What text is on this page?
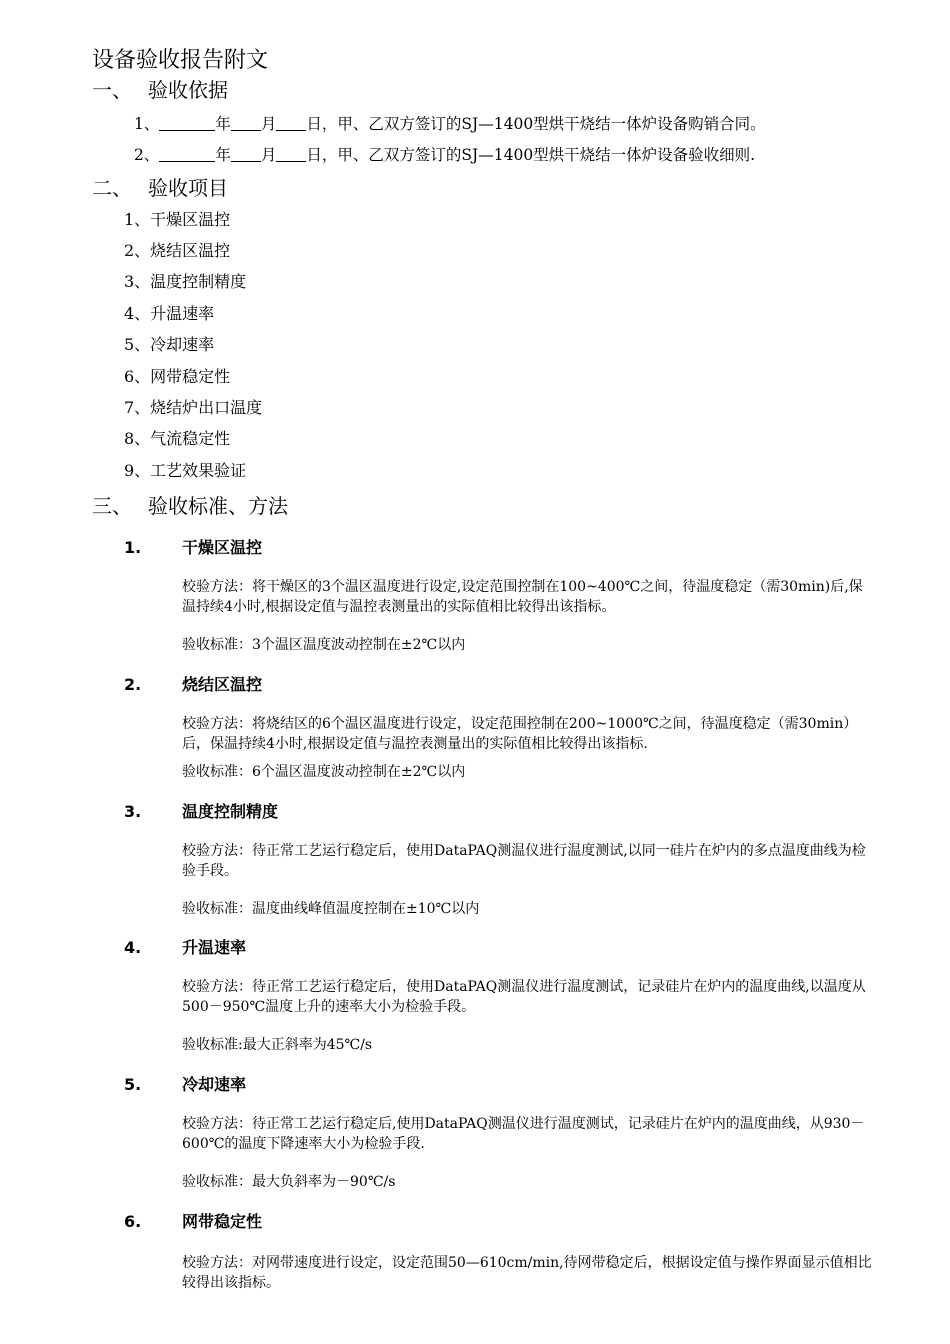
设备验收报告附文
一、 验收依据
1、	年 月 日，甲、乙双方签订的SJ—1400型烘干烧结一体炉设备购销合同。
2、	年 月 日，甲、乙双方签订的SJ—1400型烘干烧结一体炉设备验收细则.
二、 验收项目
1、干燥区温控
2、烧结区温控
3、温度控制精度
4、升温速率
5、冷却速率
6、网带稳定性
7、烧结炉出口温度
8、气流稳定性
9、工艺效果验证
三、 验收标准、方法
1.	干燥区温控
校验方法：将干燥区的3个温区温度进行设定,设定范围控制在100~400℃之间，待温度稳定（需30min)后,保温持续4小时,根据设定值与温控表测量出的实际值相比较得出该指标。
验收标准：3个温区温度波动控制在±2℃以内
2.	烧结区温控
校验方法：将烧结区的6个温区温度进行设定，设定范围控制在200~1000℃之间，待温度稳定（需30min）后，保温持续4小时,根据设定值与温控表测量出的实际值相比较得出该指标.
验收标准：6个温区温度波动控制在±2℃以内
3.	温度控制精度
校验方法：待正常工艺运行稳定后，使用DataPAQ测温仪进行温度测试,以同一硅片在炉内的多点温度曲线为检验手段。
验收标准：温度曲线峰值温度控制在±10℃以内
4.	升温速率
校验方法：待正常工艺运行稳定后，使用DataPAQ测温仪进行温度测试，记录硅片在炉内的温度曲线,以温度从500－950℃温度上升的速率大小为检验手段。
验收标准:最大正斜率为45℃/s
5.	冷却速率
校验方法：待正常工艺运行稳定后,使用DataPAQ测温仪进行温度测试，记录硅片在炉内的温度曲线，从930－600℃的温度下降速率大小为检验手段.
验收标准：最大负斜率为－90℃/s
6.	网带稳定性
校验方法：对网带速度进行设定，设定范围50—610cm/min,待网带稳定后，根据设定值与操作界面显示值相比较得出该指标。
